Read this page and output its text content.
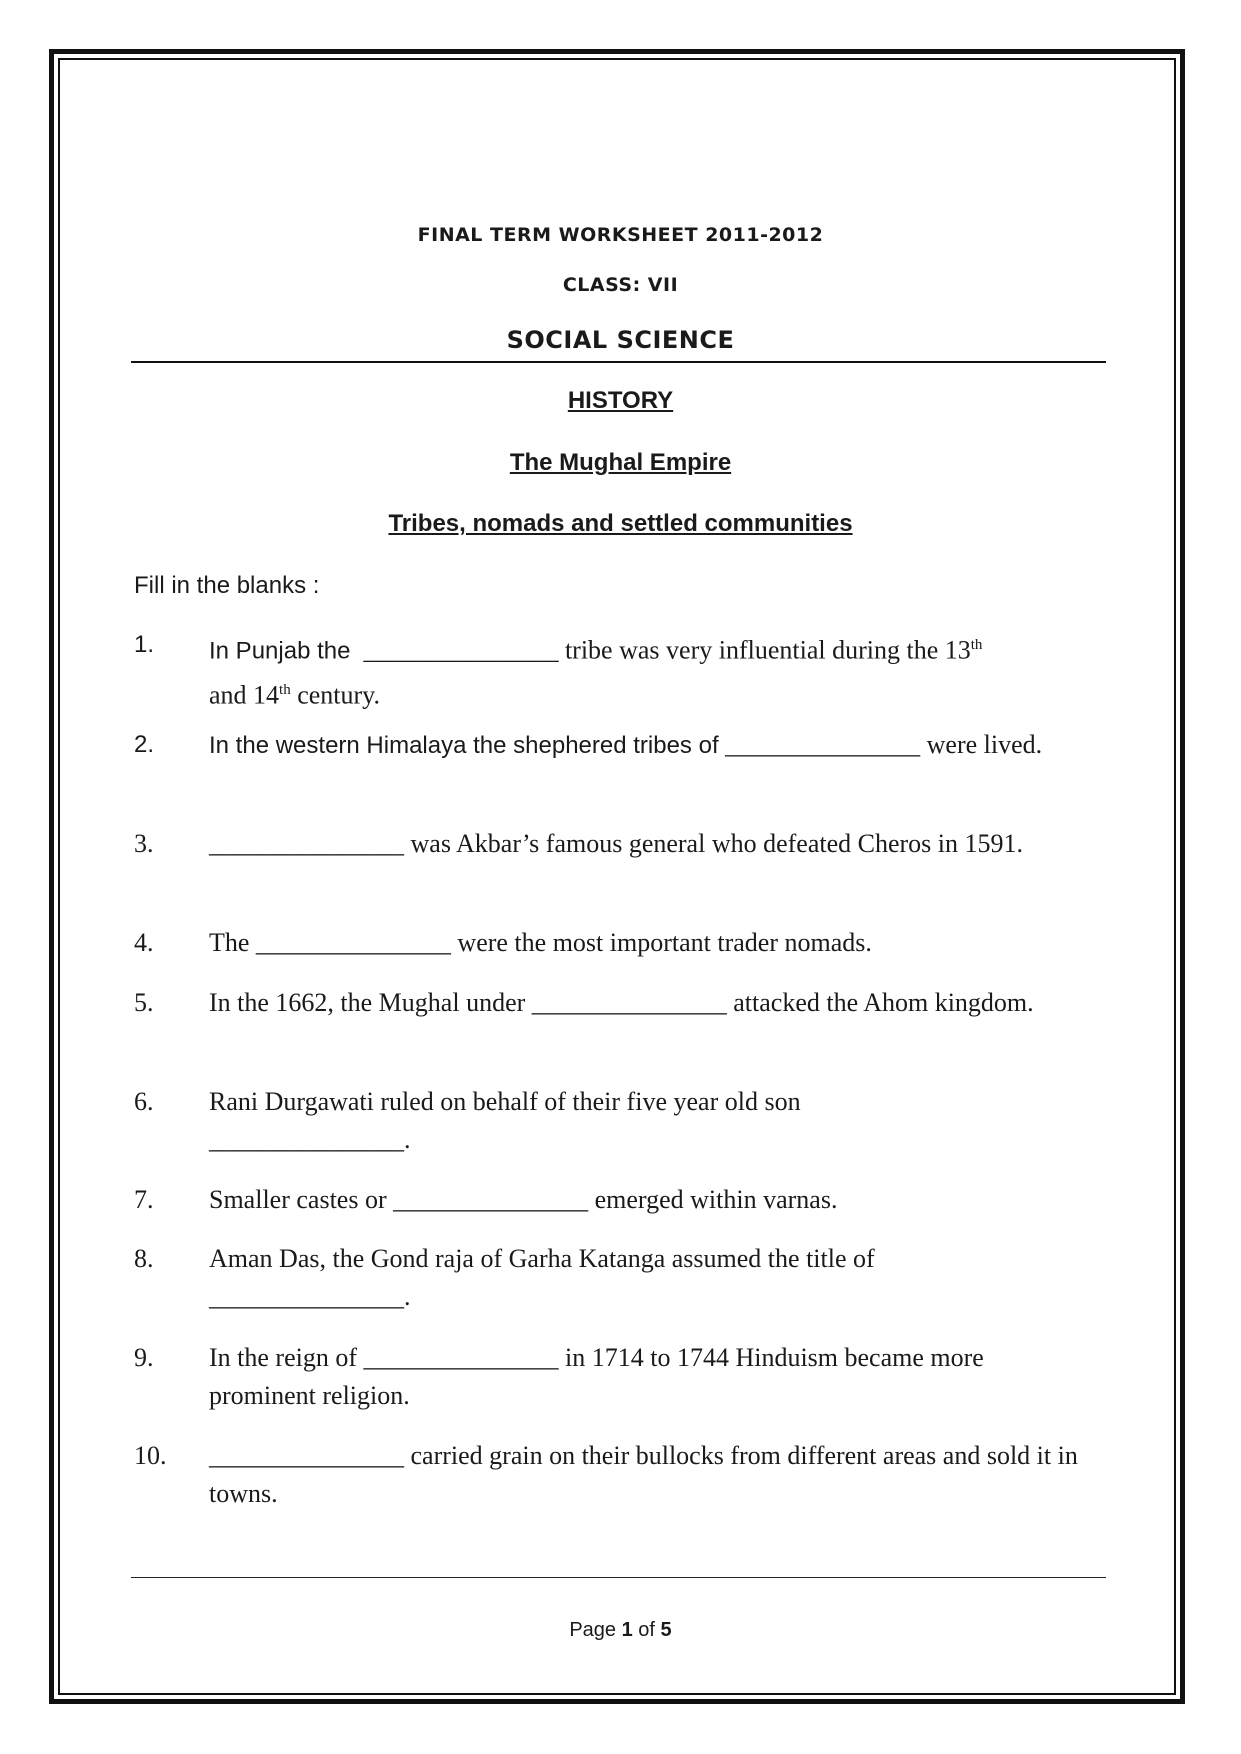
FINAL TERM WORKSHEET 2011-2012
CLASS: VII
SOCIAL SCIENCE
HISTORY
The Mughal Empire
Tribes, nomads and settled communities
Fill in the blanks :
1.	In Punjab the _______________ tribe was very influential during the 13th
and 14th century.
2.	In the western Himalaya the shephered tribes of _______________ were lived.
3.	_______________ was Akbar’s famous general who defeated Cheros in 1591.
4.	The _______________ were the most important trader nomads.
5.	In the 1662, the Mughal under _______________ attacked the Ahom kingdom.
6.	Rani Durgawati ruled on behalf of their five year old son _______________.
7.	Smaller castes or _______________ emerged within varnas.
8.	Aman Das, the Gond raja of Garha Katanga assumed the title of _______________.
9.	In the reign of _______________ in 1714 to 1744 Hinduism became more prominent religion.
10.	_______________ carried grain on their bullocks from different areas and sold it in towns.
Page 1 of 5
